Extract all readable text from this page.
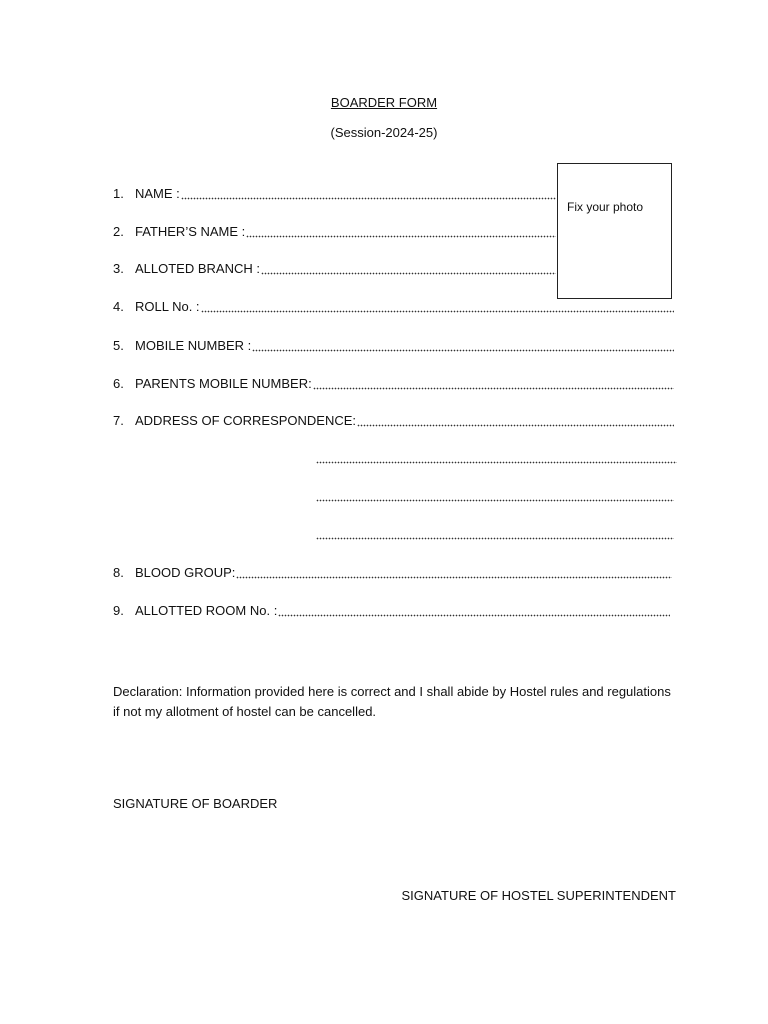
BOARDER FORM
(Session-2024-25)
Fix your photo
1. NAME :
2. FATHER’S NAME :
3. ALLOTED BRANCH :
4. ROLL No. :
5. MOBILE NUMBER :
6. PARENTS MOBILE NUMBER:
7. ADDRESS OF CORRESPONDENCE:
8. BLOOD GROUP:
9. ALLOTTED ROOM No. :
Declaration: Information provided here is correct and I shall abide by Hostel rules and regulations if not my allotment of hostel can be cancelled.
SIGNATURE OF BOARDER
SIGNATURE OF HOSTEL SUPERINTENDENT
